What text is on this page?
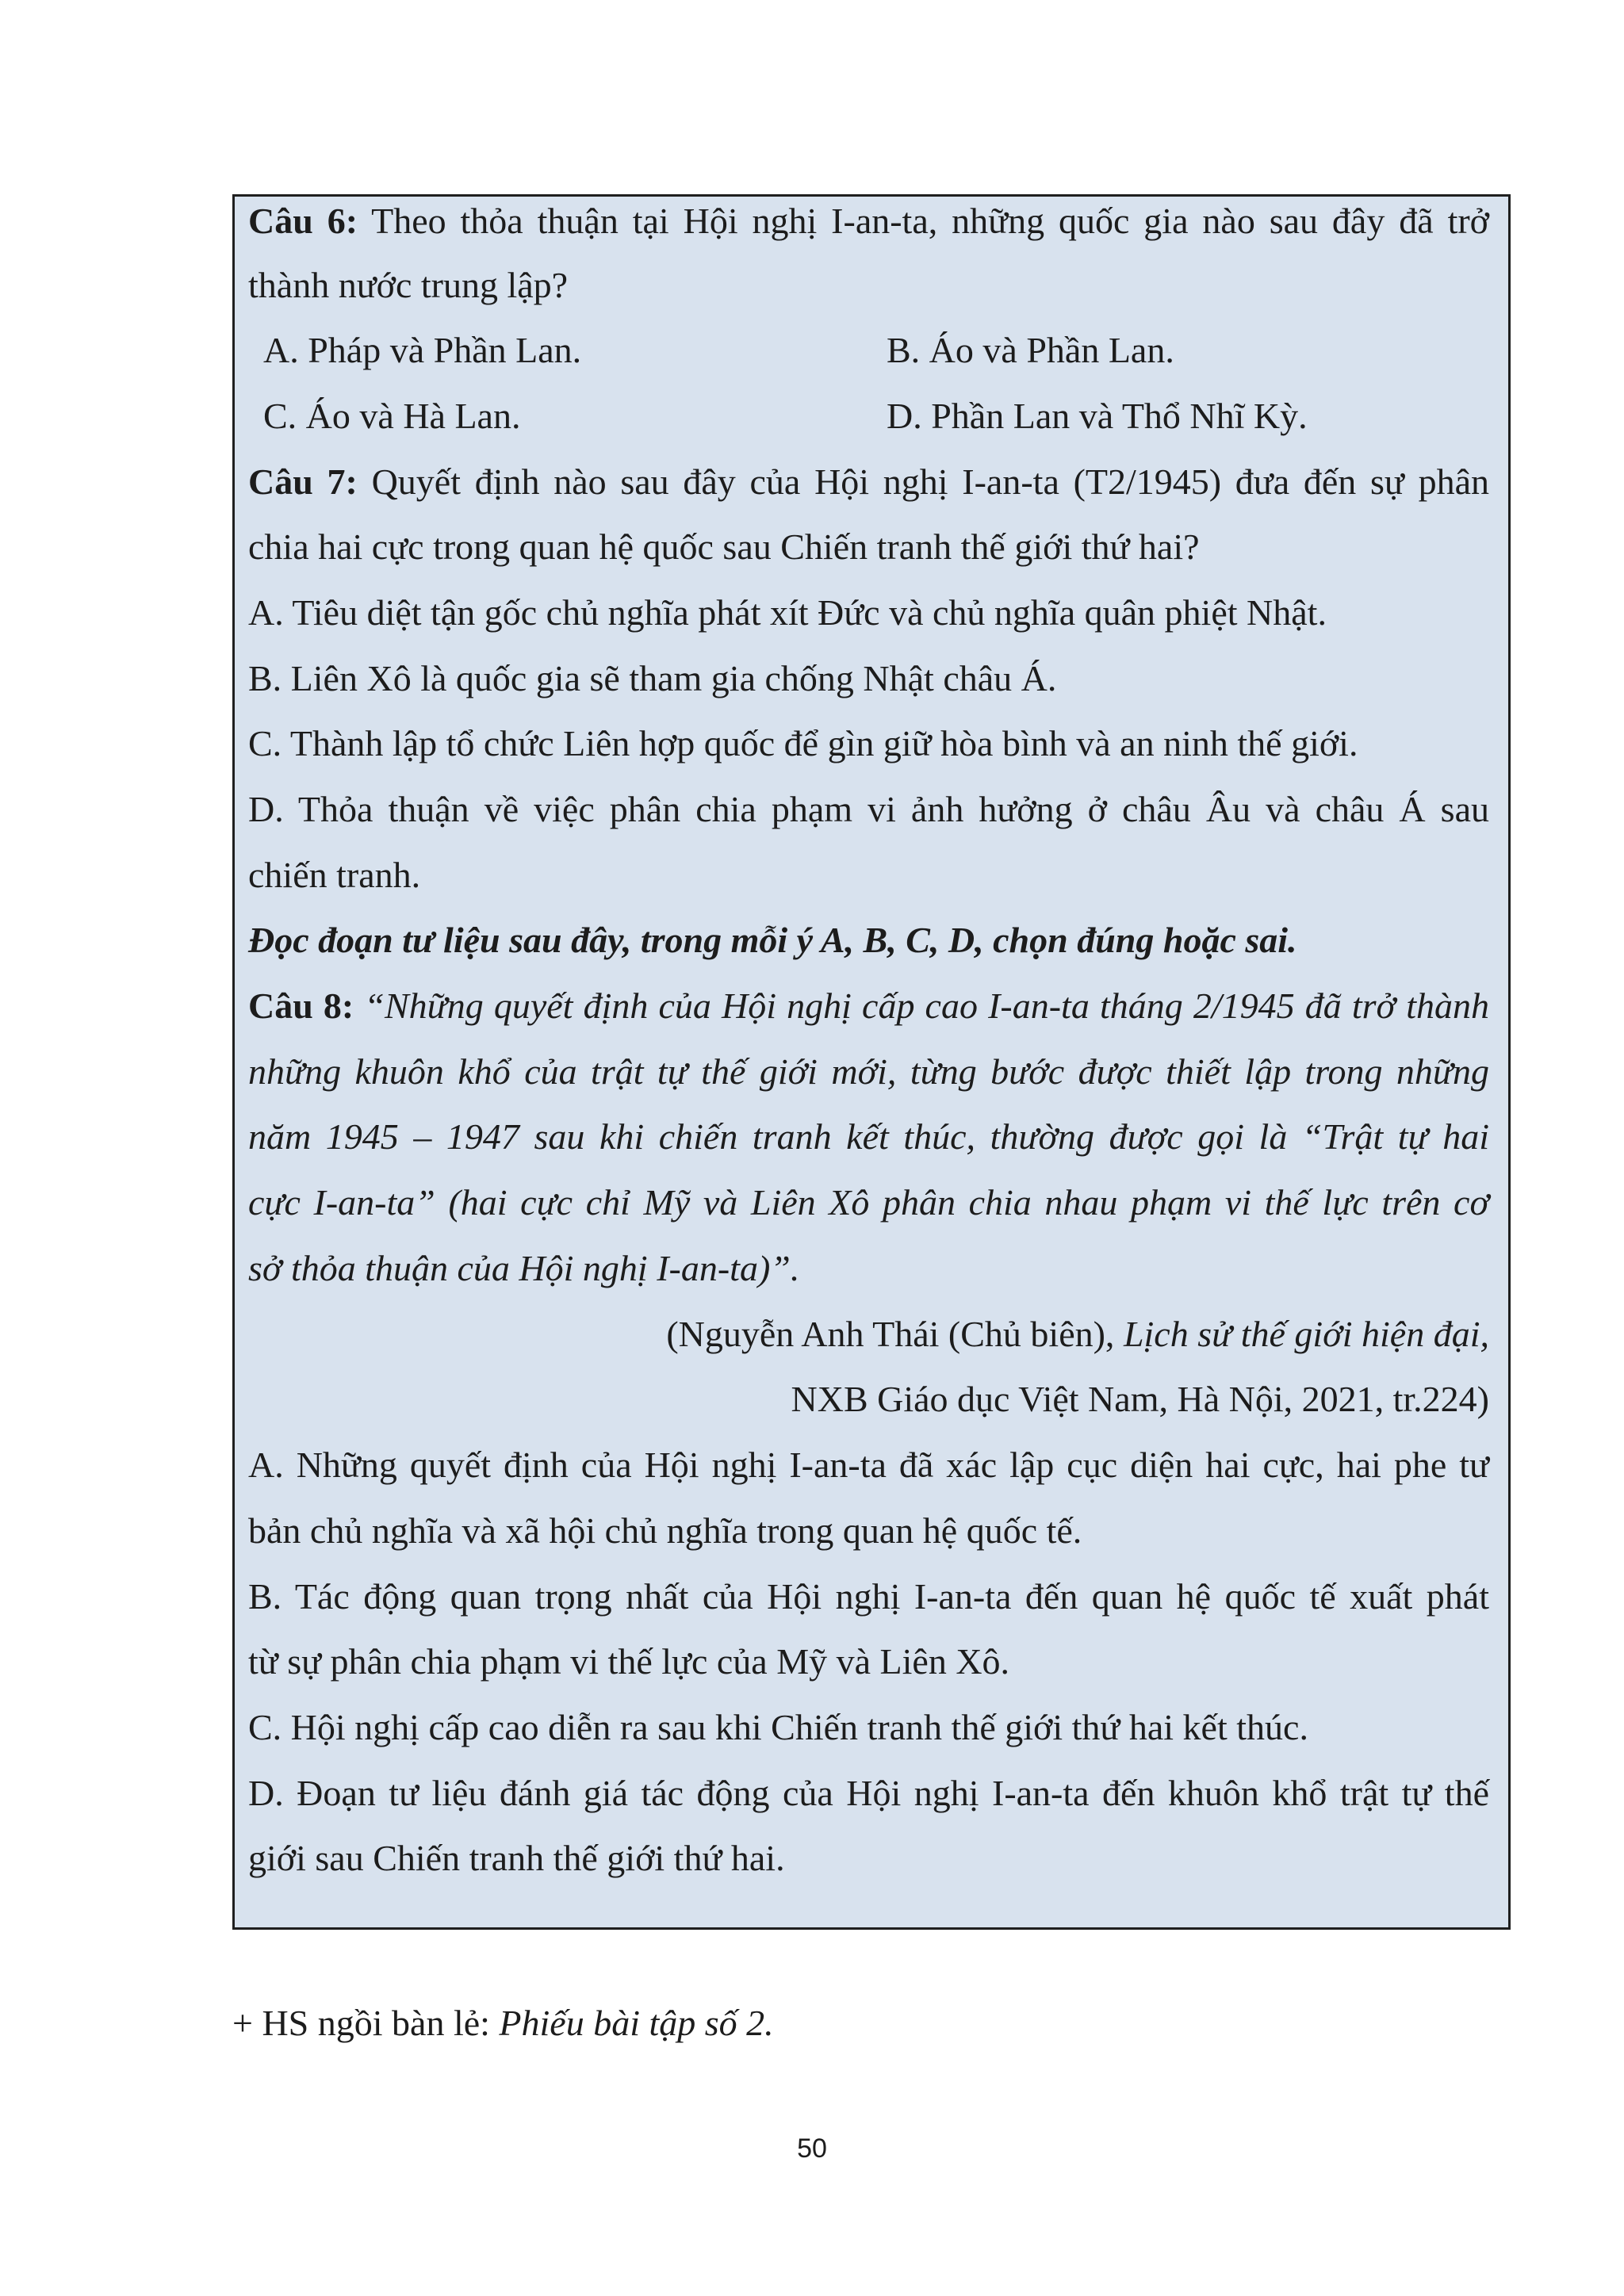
Câu 6: Theo thỏa thuận tại Hội nghị I-an-ta, những quốc gia nào sau đây đã trở
thành nước trung lập?
A. Pháp và Phần Lan.	B. Áo và Phần Lan.
C. Áo và Hà Lan.	D. Phần Lan và Thổ Nhĩ Kỳ.
Câu 7: Quyết định nào sau đây của Hội nghị I-an-ta (T2/1945) đưa đến sự phân
chia hai cực trong quan hệ quốc sau Chiến tranh thế giới thứ hai?
A. Tiêu diệt tận gốc chủ nghĩa phát xít Đức và chủ nghĩa quân phiệt Nhật.
B. Liên Xô là quốc gia sẽ tham gia chống Nhật châu Á.
C. Thành lập tổ chức Liên hợp quốc để gìn giữ hòa bình và an ninh thế giới.
D. Thỏa thuận về việc phân chia phạm vi ảnh hưởng ở châu Âu và châu Á sau
chiến tranh.
Đọc đoạn tư liệu sau đây, trong mỗi ý A, B, C, D, chọn đúng hoặc sai.
Câu 8: “Những quyết định của Hội nghị cấp cao I-an-ta tháng 2/1945 đã trở thành
những khuôn khổ của trật tự thế giới mới, từng bước được thiết lập trong những
năm 1945 – 1947 sau khi chiến tranh kết thúc, thường được gọi là “Trật tự hai
cực I-an-ta” (hai cực chỉ Mỹ và Liên Xô phân chia nhau phạm vi thế lực trên cơ
sở thỏa thuận của Hội nghị I-an-ta)”.
(Nguyễn Anh Thái (Chủ biên), Lịch sử thế giới hiện đại,
NXB Giáo dục Việt Nam, Hà Nội, 2021, tr.224)
A. Những quyết định của Hội nghị I-an-ta đã xác lập cục diện hai cực, hai phe tư
bản chủ nghĩa và xã hội chủ nghĩa trong quan hệ quốc tế.
B. Tác động quan trọng nhất của Hội nghị I-an-ta đến quan hệ quốc tế xuất phát
từ sự phân chia phạm vi thế lực của Mỹ và Liên Xô.
C. Hội nghị cấp cao diễn ra sau khi Chiến tranh thế giới thứ hai kết thúc.
D. Đoạn tư liệu đánh giá tác động của Hội nghị I-an-ta đến khuôn khổ trật tự thế
giới sau Chiến tranh thế giới thứ hai.
+ HS ngồi bàn lẻ: Phiếu bài tập số 2.
50
